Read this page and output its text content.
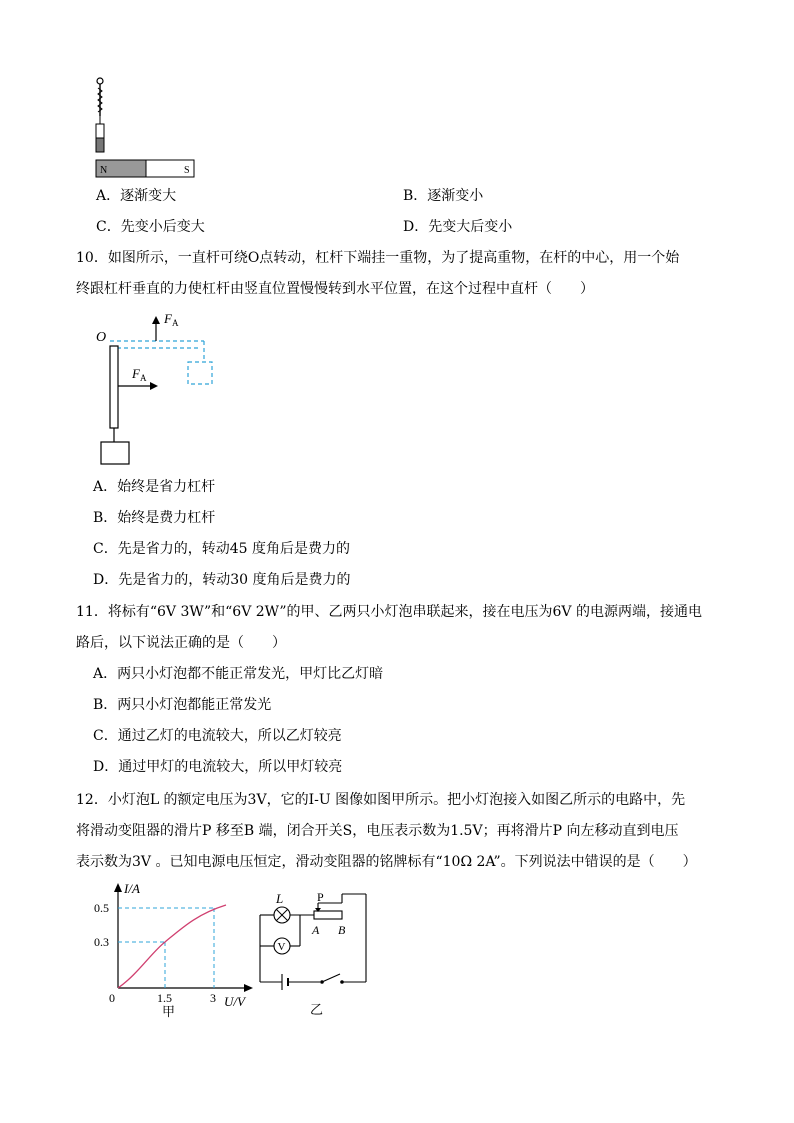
N	S
A．逐渐变大	B．逐渐变小
C．先变小后变大	D．先变大后变小
10．如图所示，一直杆可绕O点转动，杠杆下端挂一重物，为了提高重物，在杆的中心，用一个始
终跟杠杆垂直的力使杠杆由竖直位置慢慢转到水平位置，在这个过程中直杆（　　）
O
$F_A$
$F_A$
A．始终是省力杠杆
B．始终是费力杠杆
C．先是省力的，转动45 度角后是费力的
D．先是省力的，转动30 度角后是费力的
11．将标有“6V 3W”和“6V 2W”的甲、乙两只小灯泡串联起来，接在电压为6V 的电源两端，接通电
路后，以下说法正确的是（　　）
A．两只小灯泡都不能正常发光，甲灯比乙灯暗
B．两只小灯泡都能正常发光
C．通过乙灯的电流较大，所以乙灯较亮
D．通过甲灯的电流较大，所以甲灯较亮
12．小灯泡L 的额定电压为3V，它的I-U 图像如图甲所示。把小灯泡接入如图乙所示的电路中，先
将滑动变阻器的滑片P 移至B 端，闭合开关S，电压表示数为1.5V；再将滑片P 向左移动直到电压
表示数为3V 。已知电源电压恒定，滑动变阻器的铭牌标有“10Ω 2A”。下列说法中错误的是（　　）
I/A
U/V
0
0.5
0.3
1.5	3
甲
L
V
P
A B
乙
